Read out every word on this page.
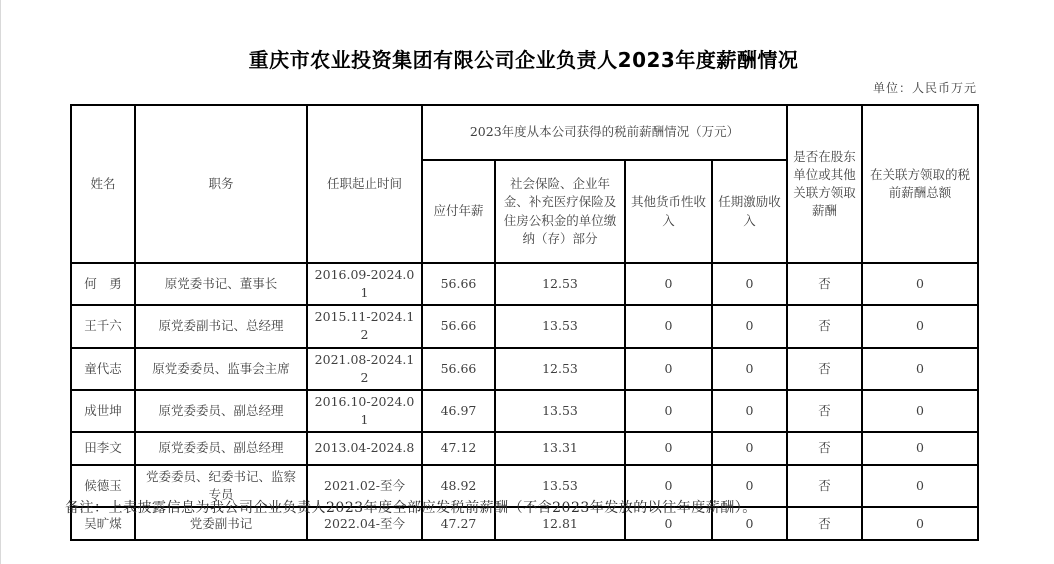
重庆市农业投资集团有限公司企业负责人2023年度薪酬情况
单位：人民币万元
姓名	职务	任职起止时间	2023年度从本公司获得的税前薪酬情况（万元）				是否在股东单位或其他关联方领取薪酬	在关联方领取的税前薪酬总额
			应付年薪	社会保险、企业年金、补充医疗保险及住房公积金的单位缴纳（存）部分	其他货币性收入	任期激励收入		
何　勇	原党委书记、董事长	2016.09-2024.01	56.66	12.53	0	0	否	0
王千六	原党委副书记、总经理	2015.11-2024.12	56.66	13.53	0	0	否	0
童代志	原党委委员、监事会主席	2021.08-2024.12	56.66	12.53	0	0	否	0
成世坤	原党委委员、副总经理	2016.10-2024.01	46.97	13.53	0	0	否	0
田李文	原党委委员、副总经理	2013.04-2024.8	47.12	13.31	0	0	否	0
候德玉	党委委员、纪委书记、监察专员	2021.02-至今	48.92	13.53	0	0	否	0
吴旷煤	党委副书记	2022.04-至今	47.27	12.81	0	0	否	0
备注：上表披露信息为我公司企业负责人2023年度全部应发税前薪酬（不含2023年发放的以往年度薪酬）。
